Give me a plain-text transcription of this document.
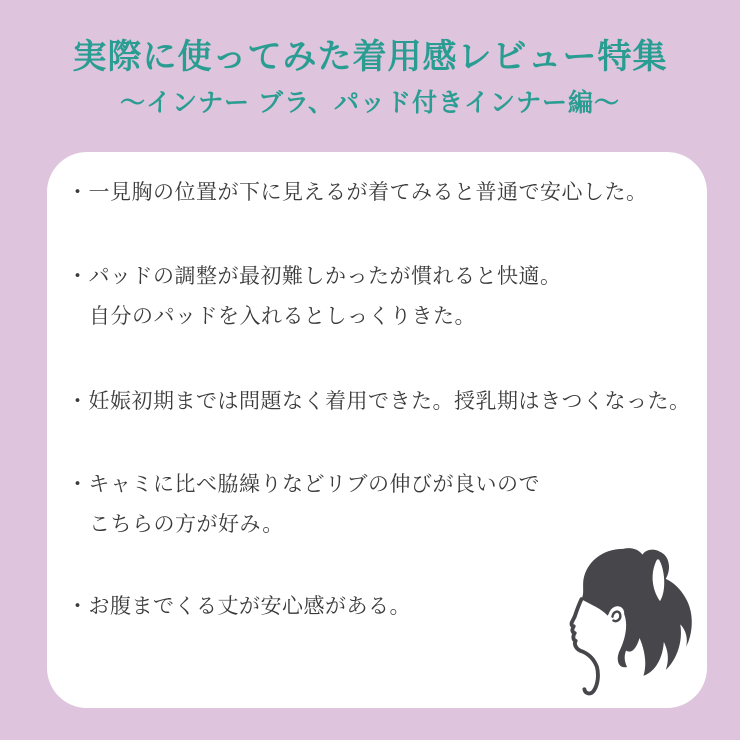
実際に使ってみた着用感レビュー特集
〜インナー ブラ、パッド付きインナー編〜
・一見胸の位置が下に見えるが着てみると普通で安心した。
・パッドの調整が最初難しかったが慣れると快適。
自分のパッドを入れるとしっくりきた。
・妊娠初期までは問題なく着用できた。授乳期はきつくなった。
・キャミに比べ脇繰りなどリブの伸びが良いので
こちらの方が好み。
・お腹までくる丈が安心感がある。
